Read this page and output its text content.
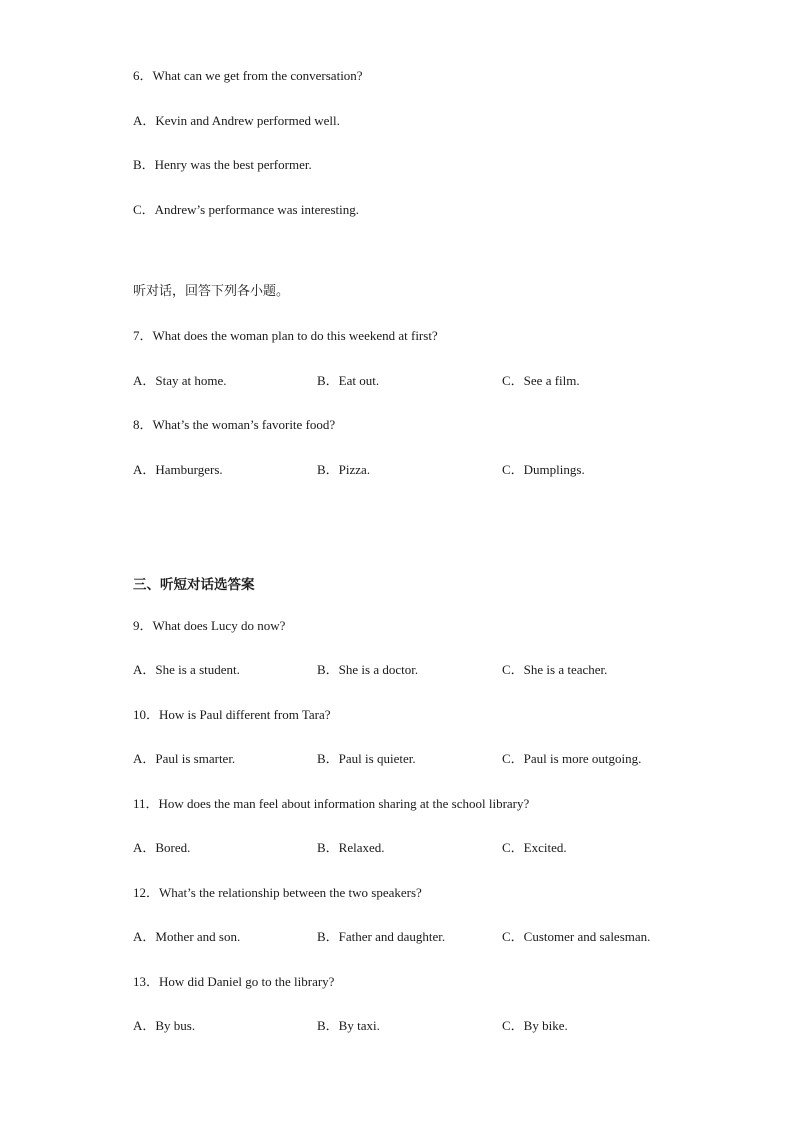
6．What can we get from the conversation?
A．Kevin and Andrew performed well.
B．Henry was the best performer.
C．Andrew’s performance was interesting.
听对话，回答下列各小题。
7．What does the woman plan to do this weekend at first?
A．Stay at home.	B．Eat out.	C．See a film.
8．What’s the woman’s favorite food?
A．Hamburgers.	B．Pizza.	C．Dumplings.
三、听短对话选答案
9．What does Lucy do now?
A．She is a student.	B．She is a doctor.	C．She is a teacher.
10．How is Paul different from Tara?
A．Paul is smarter.	B．Paul is quieter.	C．Paul is more outgoing.
11．How does the man feel about information sharing at the school library?
A．Bored.	B．Relaxed.	C．Excited.
12．What’s the relationship between the two speakers?
A．Mother and son.	B．Father and daughter.	C．Customer and salesman.
13．How did Daniel go to the library?
A．By bus.	B．By taxi.	C．By bike.
